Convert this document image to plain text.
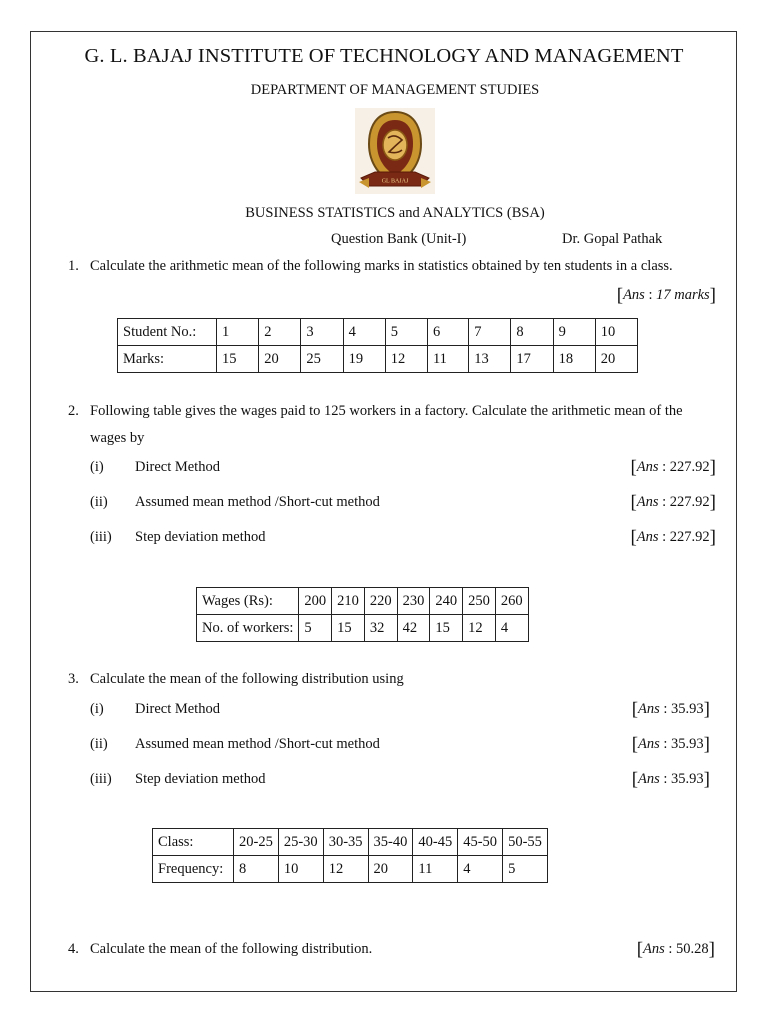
G. L. BAJAJ INSTITUTE OF TECHNOLOGY AND MANAGEMENT
DEPARTMENT OF MANAGEMENT STUDIES
GL BAJAJ
BUSINESS STATISTICS and ANALYTICS (BSA)
Question Bank (Unit-I)	Dr. Gopal Pathak
1. Calculate the arithmetic mean of the following marks in statistics obtained by ten students in a class.
[Ans : 17 marks]
Student No.:	1	2	3	4	5	6	7	8	9	10
Marks:	15	20	25	19	12	11	13	17	18	20
2. Following table gives the wages paid to 125 workers in a factory. Calculate the arithmetic mean of the
wages by
(i) Direct Method	[Ans : 227.92]
(ii) Assumed mean method /Short-cut method	[Ans : 227.92]
(iii) Step deviation method	[Ans : 227.92]
Wages (Rs):	200	210	220	230	240	250	260
No. of workers:	5	15	32	42	15	12	4
3. Calculate the mean of the following distribution using
(i) Direct Method	[Ans : 35.93]
(ii) Assumed mean method /Short-cut method	[Ans : 35.93]
(iii) Step deviation method	[Ans : 35.93]
Class:	20-25	25-30	30-35	35-40	40-45	45-50	50-55
Frequency:	8	10	12	20	11	4	5
4. Calculate the mean of the following distribution.	[Ans : 50.28]
